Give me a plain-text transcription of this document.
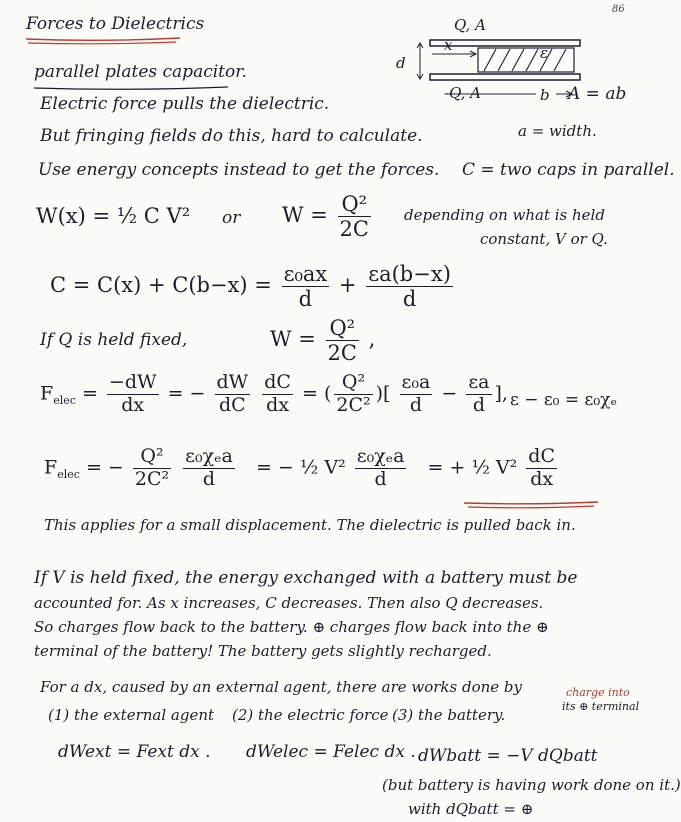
86
Forces to Dielectrics	Q, A
-Q, A
d
x	ε
b A = ab
a = width.
parallel plates capacitor.
Electric force pulls the dielectric.
But fringing fields do this, hard to calculate.
Use energy concepts instead to get the forces. C = two caps in parallel.
W(x) = ½ C V² or $W = \frac{\text{Q²}}{2C}$ depending on what is held
constant, V or Q.
$C = C(x) + C(b-x) = \frac{\text{ε₀ax}}{d} + \frac{\varepsilon a(b-x)}{d}$
If Q is held fixed,	$W = \frac{\text{Q²}}{2C}$ ,
$F_{elec} = \frac{-dW}{dx}$ = − $\frac{dW}{dC}$
$\frac{dC}{dx}$ = ( $\frac{\text{Q²}}{\text{2C²}}$ )[ $\frac{\text{ε₀a}}{d} - \frac{\varepsilon a}{d}$ ], ε − ε₀ = ε₀χₑ
$F_{elec}$ = − $\frac{\text{Q²}}{\text{2C²}}$
$\frac{\text{ε₀χₑa}}{d}$ = − ½ $V^2 \frac{\text{ε₀χₑa}}{d}$ = + ½ $V^2 \frac{dC}{dx}$
This applies for a small displacement. The dielectric is pulled back in.
If V is held fixed, the energy exchanged with a battery must be
accounted for. As x increases, C decreases. Then also Q decreases.
So charges flow back to the battery. ⊕ charges flow back into the ⊕
terminal of the battery! The battery gets slightly recharged.
For a dx, caused by an external agent, there are works done by
(1) the external agent (2) the electric force (3) the battery.
charge into
its ⊕ terminal
dWext = Fext dx . dWelec = Felec dx . dWbatt = −V dQbatt
(but battery is having work done on it.)
with dQbatt = ⊕
